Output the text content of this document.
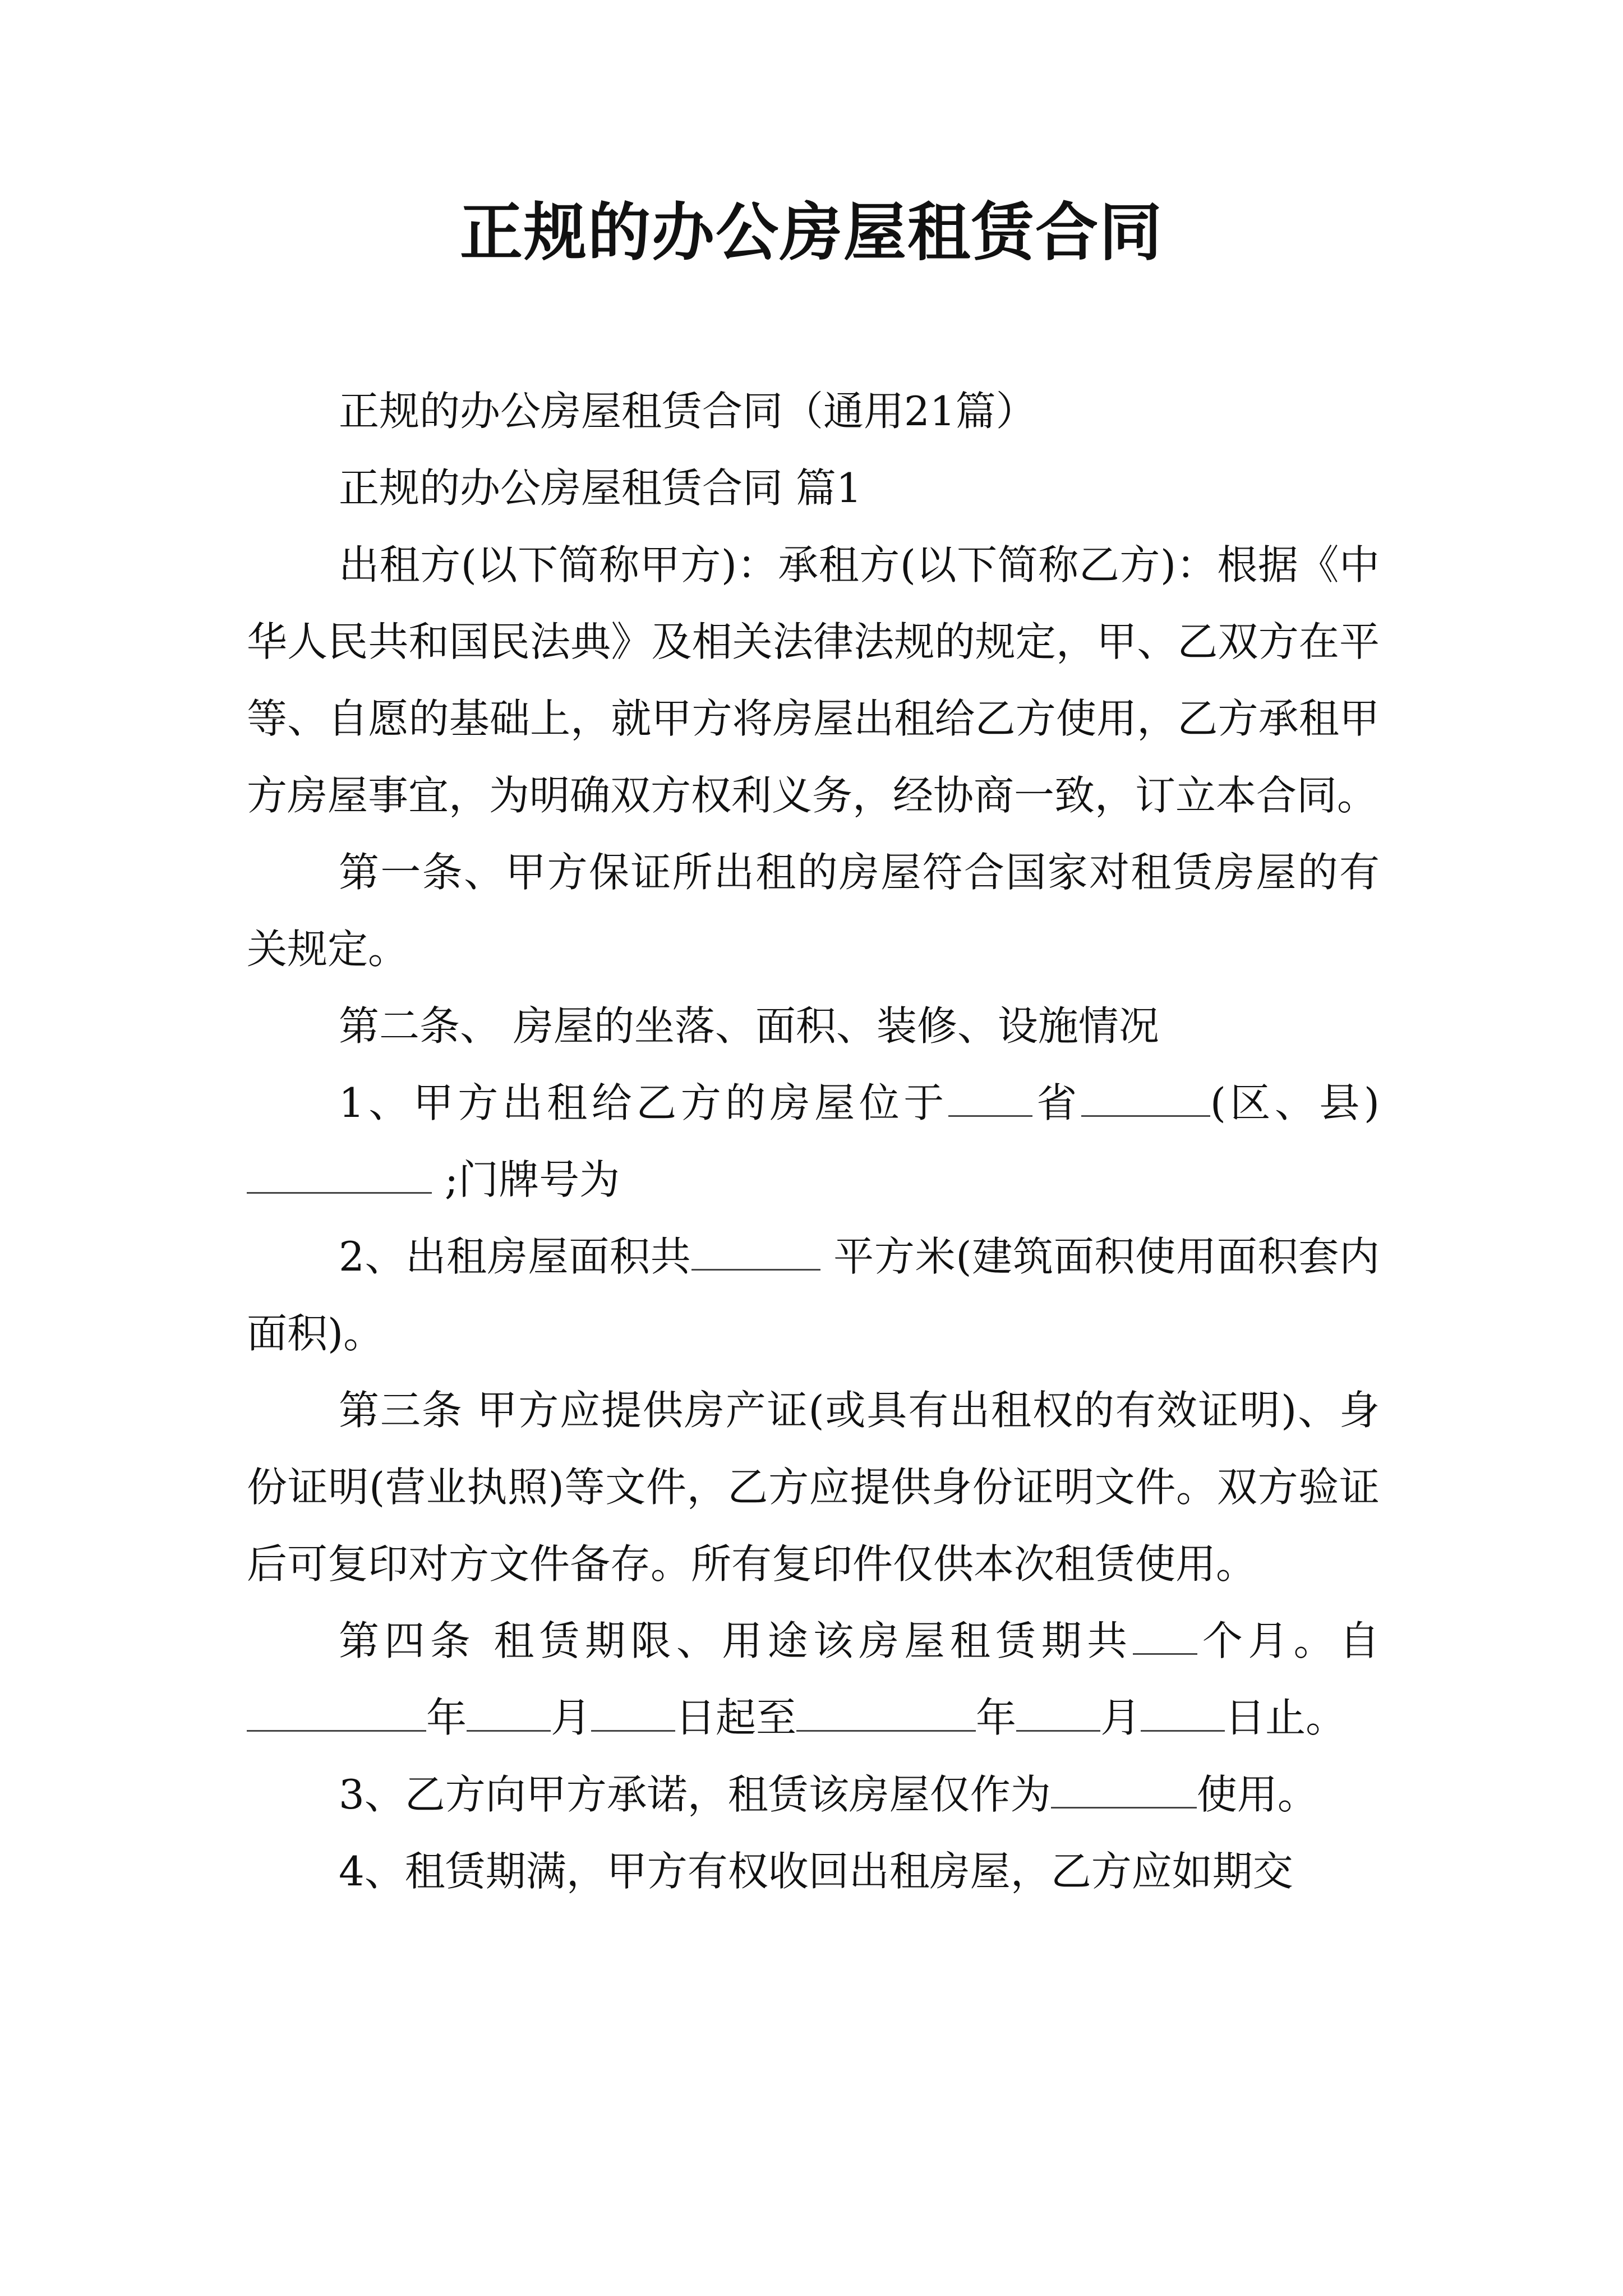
正规的办公房屋租赁合同

正规的办公房屋租赁合同（通用21篇）

正规的办公房屋租赁合同 篇1

出租方(以下简称甲方)：承租方(以下简称乙方)：根据《中华人民共和国民法典》及相关法律法规的规定，甲、乙双方在平等、自愿的基础上，就甲方将房屋出租给乙方使用，乙方承租甲方房屋事宜，为明确双方权利义务，经协商一致，订立本合同。

第一条、甲方保证所出租的房屋符合国家对租赁房屋的有关规定。

第二条、 房屋的坐落、面积、装修、设施情况

1、甲方出租给乙方的房屋位于 省	(区、县) ;门牌号为

2、出租房屋面积共	平方米(建筑面积使用面积套内面积)。

第三条 甲方应提供房产证(或具有出租权的有效证明)、身份证明(营业执照)等文件，乙方应提供身份证明文件。双方验证后可复印对方文件备存。所有复印件仅供本次租赁使用。

第四条 租赁期限、用途该房屋租赁期共 个月。自年 月 日起至	年 月 日止。

3、乙方向甲方承诺，租赁该房屋仅作为	使用。

4、租赁期满，甲方有权收回出租房屋，乙方应如期交
